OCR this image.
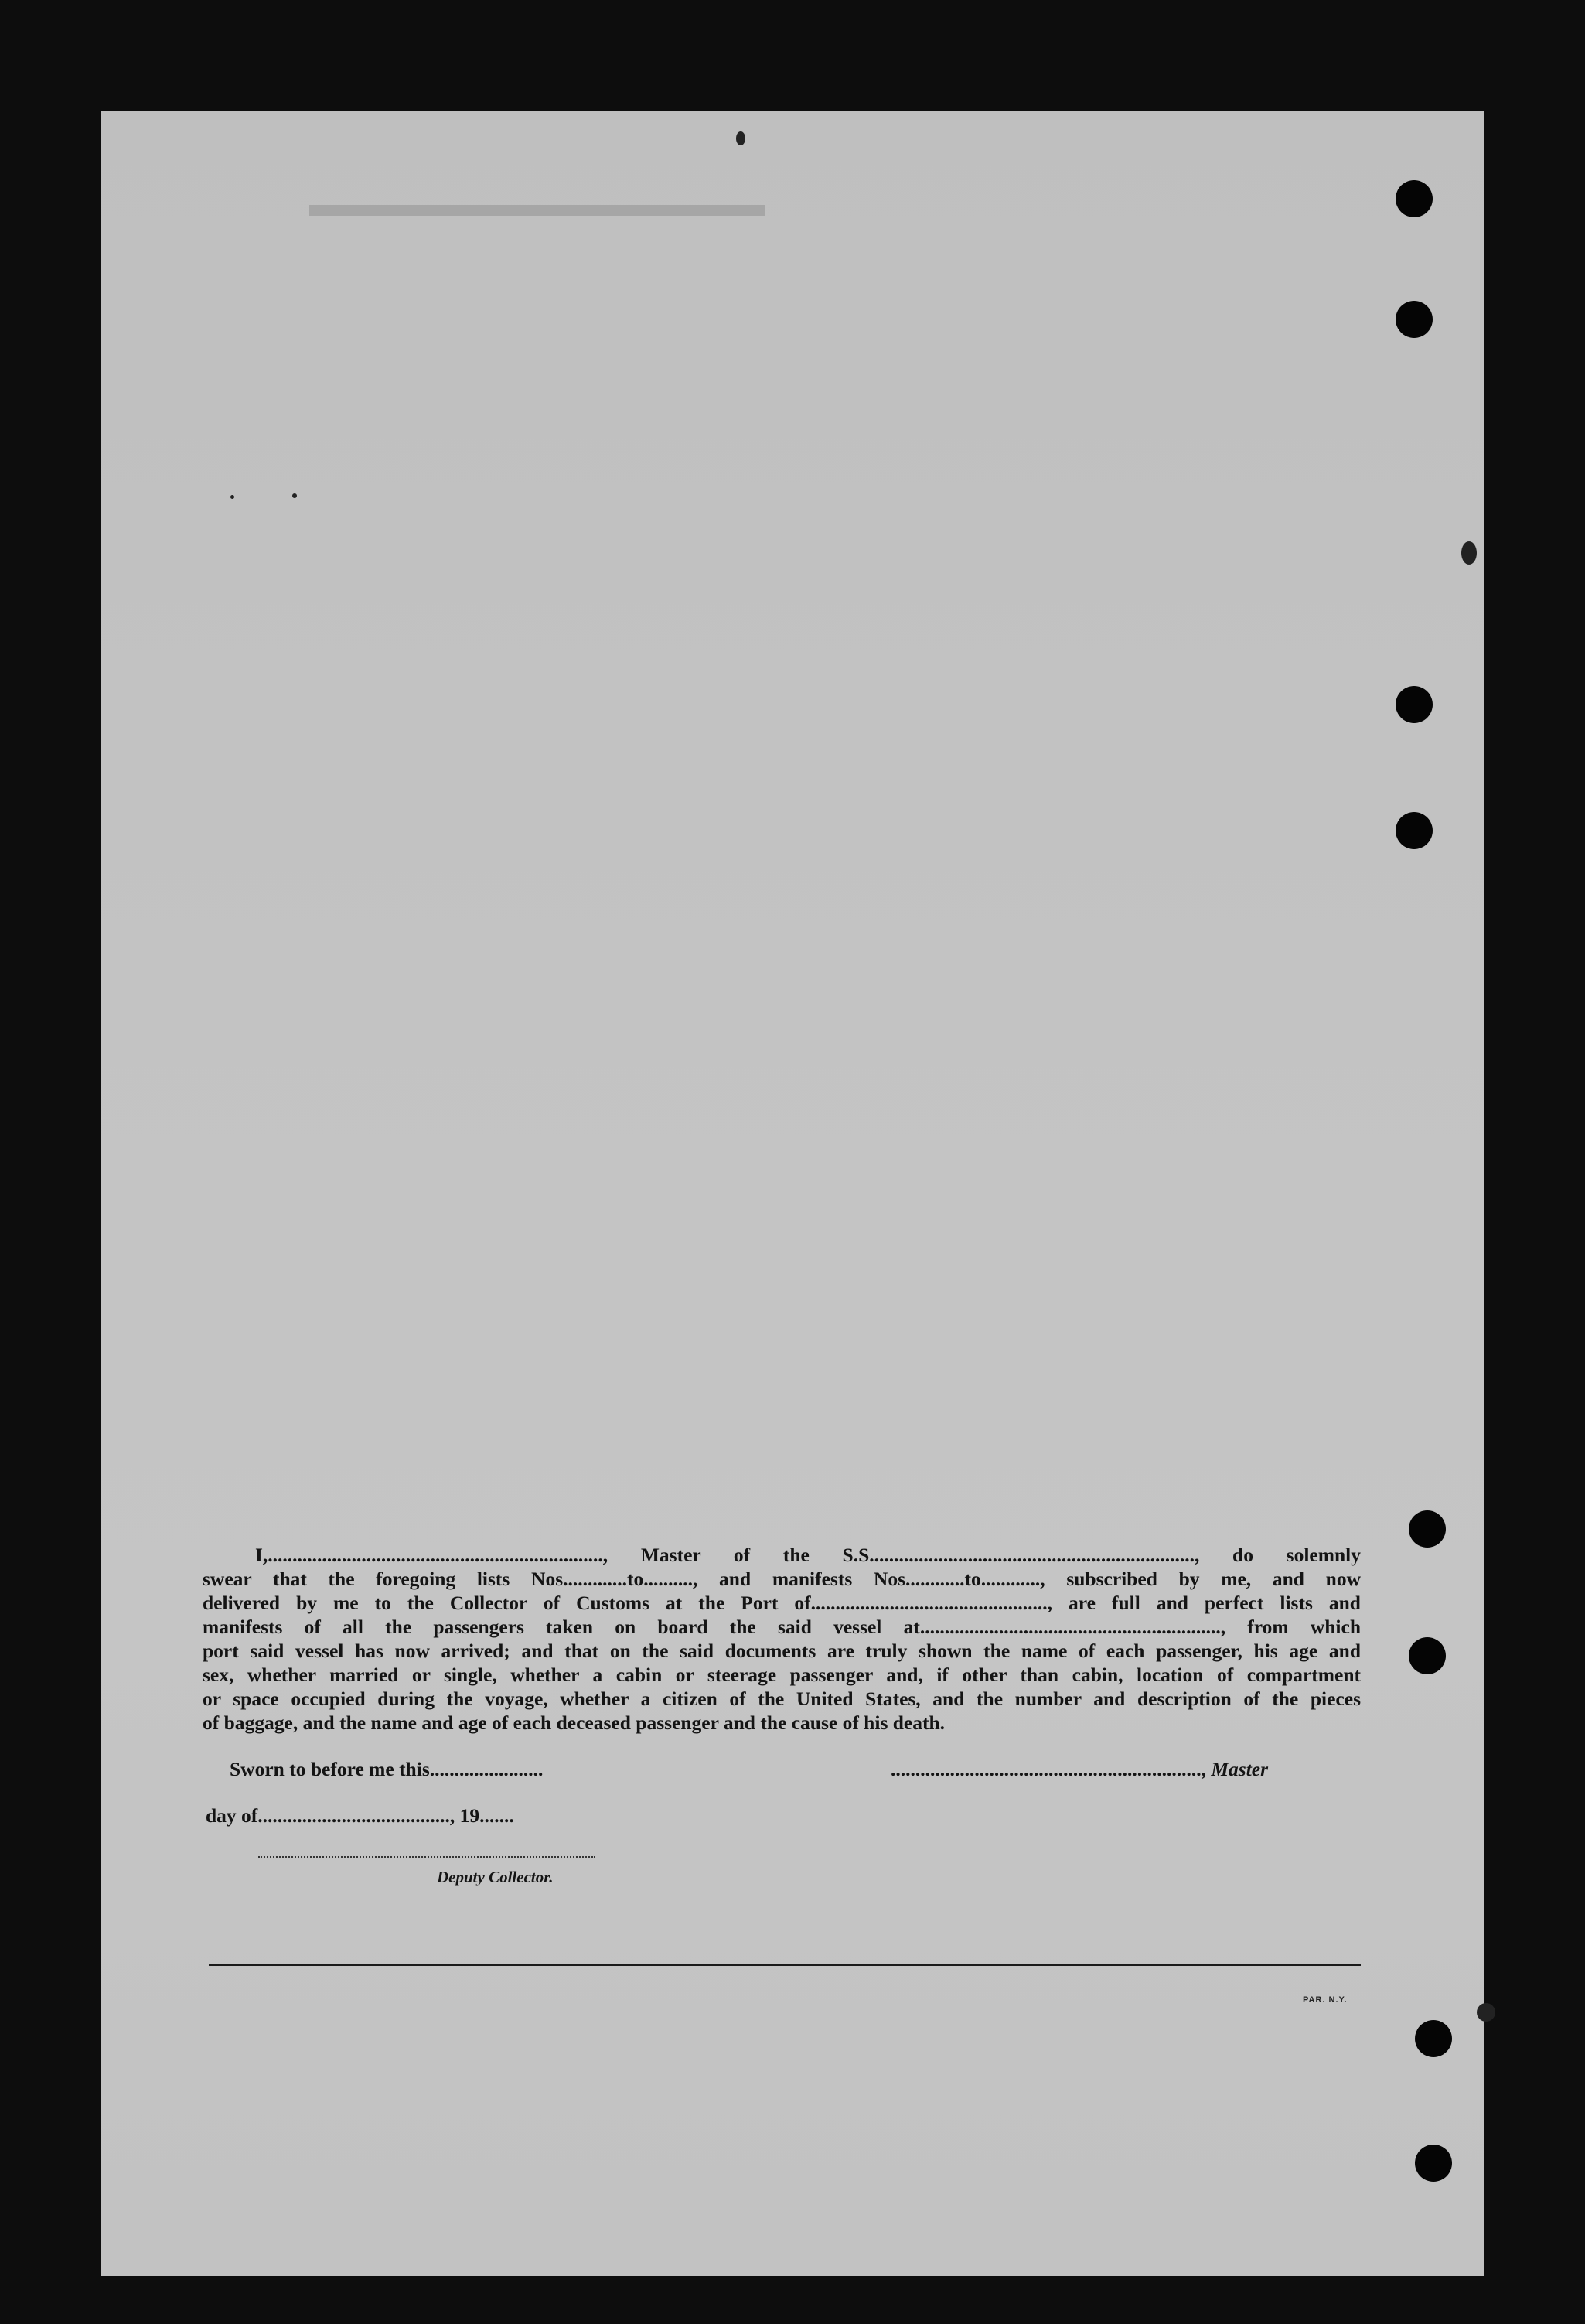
I,...................................................................., Master of the S.S.................................................................., do solemnly
swear that the foregoing lists Nos.............to.........., and manifests Nos............to............, subscribed by me, and now
delivered by me to the Collector of Customs at the Port of................................................, are full and perfect lists and
manifests of all the passengers taken on board the said vessel at............................................................., from which
port said vessel has now arrived; and that on the said documents are truly shown the name of each passenger, his age and
sex, whether married or single, whether a cabin or steerage passenger and, if other than cabin, location of compartment
or space occupied during the voyage, whether a citizen of the United States, and the number and description of the pieces
of baggage, and the name and age of each deceased passenger and the cause of his death.
Sworn to before me this.......................	..............................................................., Master
day of......................................., 19.......
Deputy Collector.
PAR. N.Y.
